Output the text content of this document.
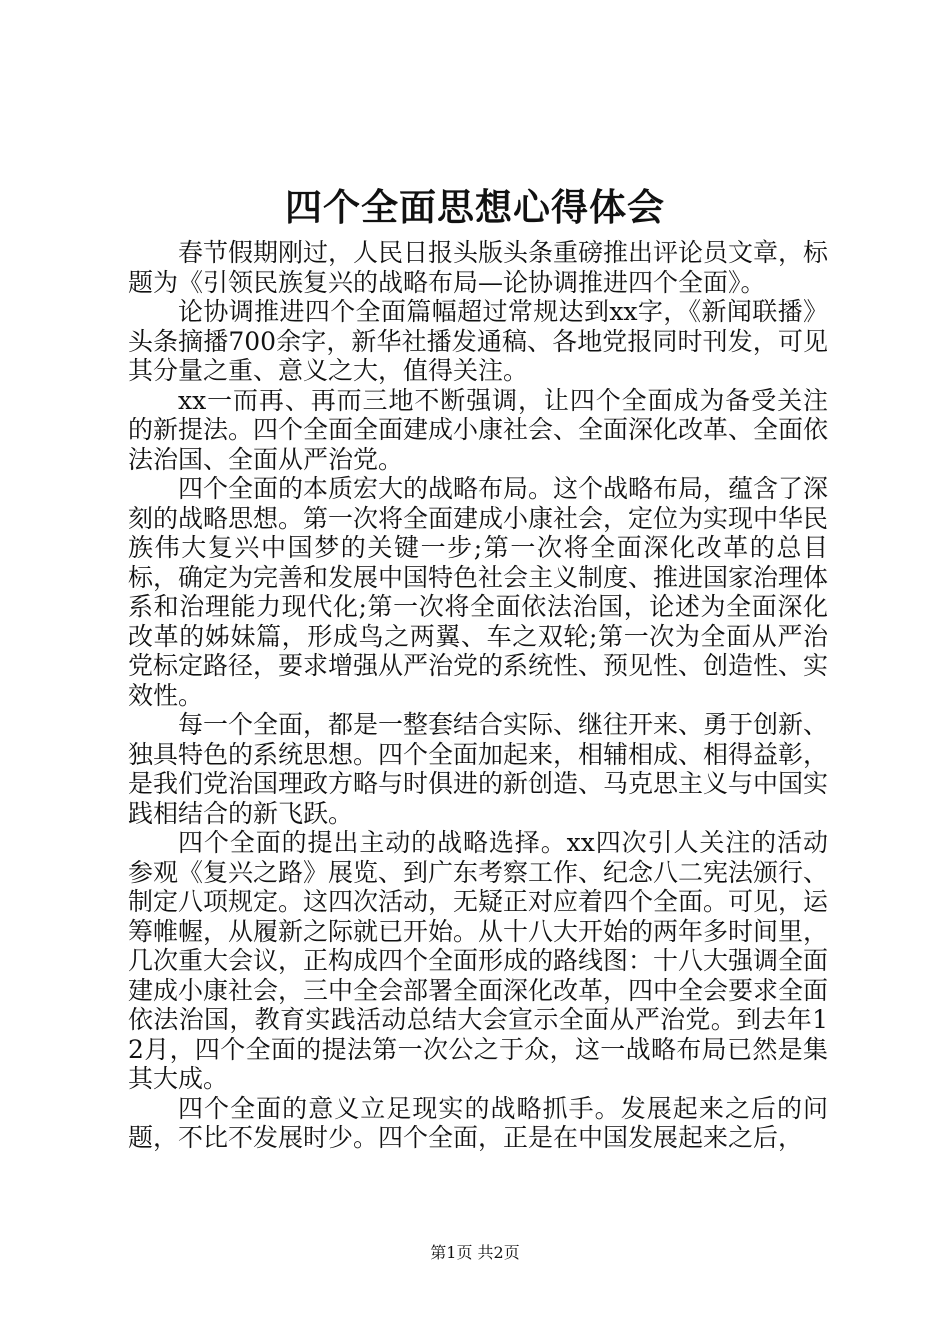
四个全面思想心得体会

春节假期刚过，人民日报头版头条重磅推出评论员文章，标题为《引领民族复兴的战略布局—论协调推进四个全面》。

论协调推进四个全面篇幅超过常规达到xx字，《新闻联播》头条摘播700余字，新华社播发通稿、各地党报同时刊发，可见其分量之重、意义之大，值得关注。

xx一而再、再而三地不断强调，让四个全面成为备受关注的新提法。四个全面全面建成小康社会、全面深化改革、全面依法治国、全面从严治党。

四个全面的本质宏大的战略布局。这个战略布局，蕴含了深刻的战略思想。第一次将全面建成小康社会，定位为实现中华民族伟大复兴中国梦的关键一步;第一次将全面深化改革的总目标，确定为完善和发展中国特色社会主义制度、推进国家治理体系和治理能力现代化;第一次将全面依法治国，论述为全面深化改革的姊妹篇，形成鸟之两翼、车之双轮;第一次为全面从严治党标定路径，要求增强从严治党的系统性、预见性、创造性、实效性。

每一个全面，都是一整套结合实际、继往开来、勇于创新、独具特色的系统思想。四个全面加起来，相辅相成、相得益彰，是我们党治国理政方略与时俱进的新创造、马克思主义与中国实践相结合的新飞跃。

四个全面的提出主动的战略选择。xx四次引人关注的活动参观《复兴之路》展览、到广东考察工作、纪念八二宪法颁行、制定八项规定。这四次活动，无疑正对应着四个全面。可见，运筹帷幄，从履新之际就已开始。从十八大开始的两年多时间里，几次重大会议，正构成四个全面形成的路线图：十八大强调全面建成小康社会，三中全会部署全面深化改革，四中全会要求全面依法治国，教育实践活动总结大会宣示全面从严治党。到去年12月，四个全面的提法第一次公之于众，这一战略布局已然是集其大成。

四个全面的意义立足现实的战略抓手。发展起来之后的问题，不比不发展时少。四个全面，正是在中国发展起来之后，

第1页 共2页
